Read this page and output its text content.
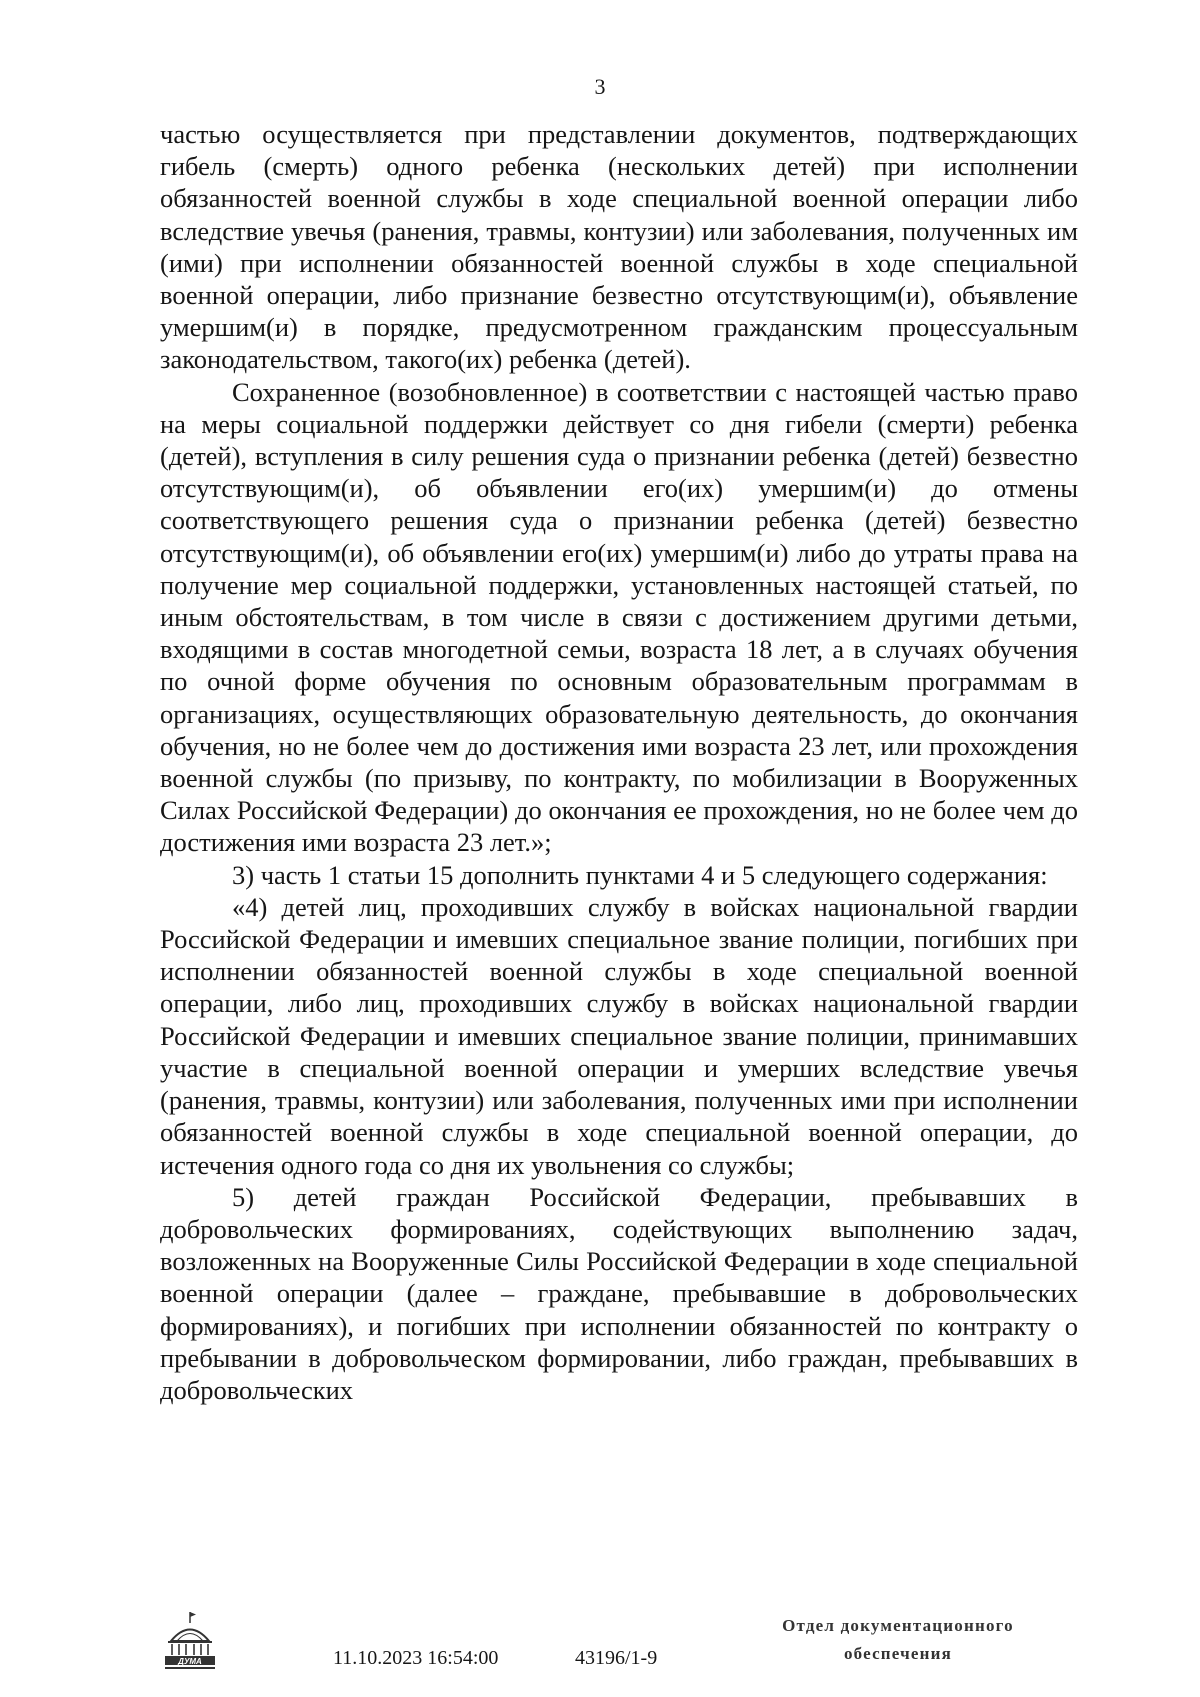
3

частью осуществляется при представлении документов, подтверждающих гибель (смерть) одного ребенка (нескольких детей) при исполнении обязанностей военной службы в ходе специальной военной операции либо вследствие увечья (ранения, травмы, контузии) или заболевания, полученных им (ими) при исполнении обязанностей военной службы в ходе специальной военной операции, либо признание безвестно отсутствующим(и), объявление умершим(и) в порядке, предусмотренном гражданским процессуальным законодательством, такого(их) ребенка (детей).

Сохраненное (возобновленное) в соответствии с настоящей частью право на меры социальной поддержки действует со дня гибели (смерти) ребенка (детей), вступления в силу решения суда о признании ребенка (детей) безвестно отсутствующим(и), об объявлении его(их) умершим(и) до отмены соответствующего решения суда о признании ребенка (детей) безвестно отсутствующим(и), об объявлении его(их) умершим(и) либо до утраты права на получение мер социальной поддержки, установленных настоящей статьей, по иным обстоятельствам, в том числе в связи с достижением другими детьми, входящими в состав многодетной семьи, возраста 18 лет, а в случаях обучения по очной форме обучения по основным образовательным программам в организациях, осуществляющих образовательную деятельность, до окончания обучения, но не более чем до достижения ими возраста 23 лет, или прохождения военной службы (по призыву, по контракту, по мобилизации в Вооруженных Силах Российской Федерации) до окончания ее прохождения, но не более чем до достижения ими возраста 23 лет.»;

3) часть 1 статьи 15 дополнить пунктами 4 и 5 следующего содержания:

«4) детей лиц, проходивших службу в войсках национальной гвардии Российской Федерации и имевших специальное звание полиции, погибших при исполнении обязанностей военной службы в ходе специальной военной операции, либо лиц, проходивших службу в войсках национальной гвардии Российской Федерации и имевших специальное звание полиции, принимавших участие в специальной военной операции и умерших вследствие увечья (ранения, травмы, контузии) или заболевания, полученных ими при исполнении обязанностей военной службы в ходе специальной военной операции, до истечения одного года со дня их увольнения со службы;

5) детей граждан Российской Федерации, пребывавших в добровольческих формированиях, содействующих выполнению задач, возложенных на Вооруженные Силы Российской Федерации в ходе специальной военной операции (далее – граждане, пребывавшие в добровольческих формированиях), и погибших при исполнении обязанностей по контракту о пребывании в добровольческом формировании, либо граждан, пребывавших в добровольческих

ДУМА	11.10.2023 16:54:00	43196/1-9
Отдел документационного
обеспечения
